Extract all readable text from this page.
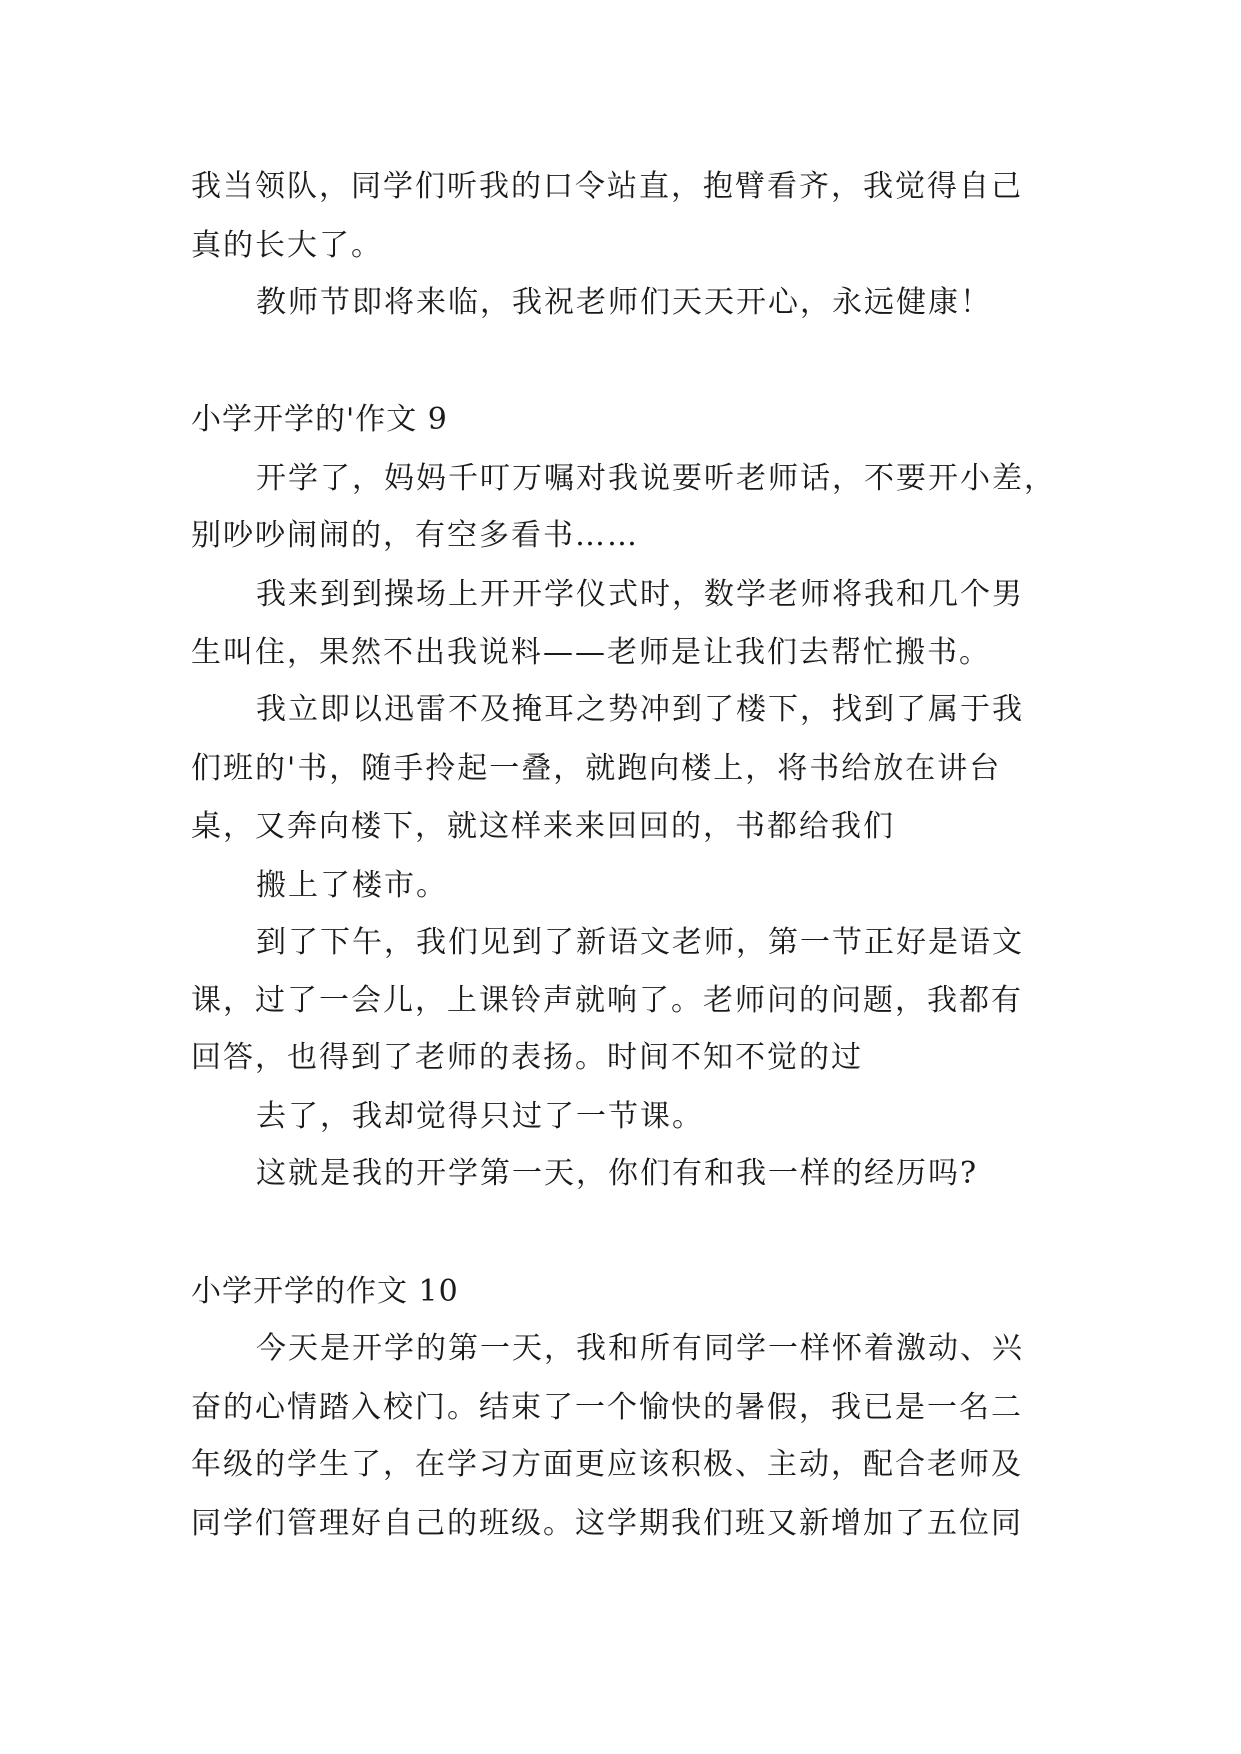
我当领队，同学们听我的口令站直，抱臂看齐，我觉得自己
真的长大了。
教师节即将来临，我祝老师们天天开心，永远健康！
小学开学的'作文 9
开学了，妈妈千叮万嘱对我说要听老师话，不要开小差，
别吵吵闹闹的，有空多看书……
我来到到操场上开开学仪式时，数学老师将我和几个男
生叫住，果然不出我说料——老师是让我们去帮忙搬书。
我立即以迅雷不及掩耳之势冲到了楼下，找到了属于我
们班的'书，随手拎起一叠，就跑向楼上，将书给放在讲台
桌，又奔向楼下，就这样来来回回的，书都给我们
搬上了楼市。
到了下午，我们见到了新语文老师，第一节正好是语文
课，过了一会儿，上课铃声就响了。老师问的问题，我都有
回答，也得到了老师的表扬。时间不知不觉的过
去了，我却觉得只过了一节课。
这就是我的开学第一天，你们有和我一样的经历吗?
小学开学的作文 10
今天是开学的第一天，我和所有同学一样怀着激动、兴
奋的心情踏入校门。结束了一个愉快的暑假，我已是一名二
年级的学生了，在学习方面更应该积极、主动，配合老师及
同学们管理好自己的班级。这学期我们班又新增加了五位同
